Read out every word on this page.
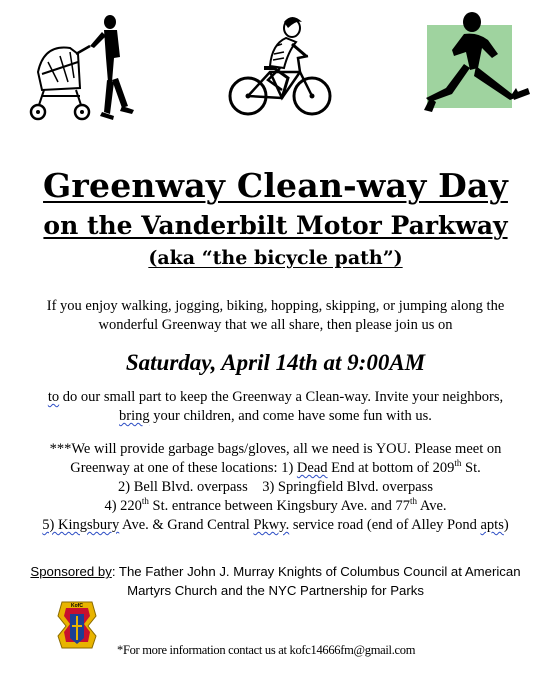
Greenway Clean-way Day
on the Vanderbilt Motor Parkway
(aka “the bicycle path”)
If you enjoy walking, jogging, biking, hopping, skipping, or jumping along the
wonderful Greenway that we all share, then please join us on
Saturday, April 14th at 9:00AM
to do our small part to keep the Greenway a Clean-way. Invite your neighbors,
bring your children, and come have some fun with us.
***We will provide garbage bags/gloves, all we need is YOU. Please meet on
Greenway at one of these locations: 1) Dead End at bottom of 209th St.
2) Bell Blvd. overpass    3) Springfield Blvd. overpass
4) 220th St. entrance between Kingsbury Ave. and 77th Ave.
5) Kingsbury Ave. & Grand Central Pkwy. service road (end of Alley Pond apts)
Sponsored by: The Father John J. Murray Knights of Columbus Council at American
Martyrs Church and the NYC Partnership for Parks
KofC
*For more information contact us at kofc14666fm@gmail.com
